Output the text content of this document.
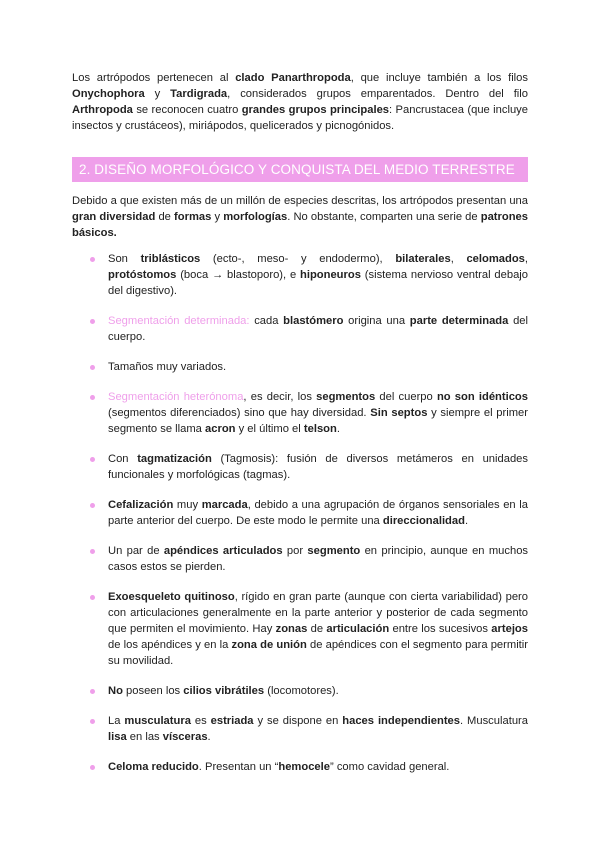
Los artrópodos pertenecen al clado Panarthropoda, que incluye también a los filos Onychophora y Tardigrada, considerados grupos emparentados. Dentro del filo Arthropoda se reconocen cuatro grandes grupos principales: Pancrustacea (que incluye insectos y crustáceos), miriápodos, quelicerados y picnogónidos.

2. DISEÑO MORFOLÓGICO Y CONQUISTA DEL MEDIO TERRESTRE

Debido a que existen más de un millón de especies descritas, los artrópodos presentan una gran diversidad de formas y morfologías. No obstante, comparten una serie de patrones básicos.

Son triblásticos (ecto-, meso- y endodermo), bilaterales, celomados, protóstomos (boca → blastoporo), e hiponeuros (sistema nervioso ventral debajo del digestivo).

Segmentación determinada: cada blastómero origina una parte determinada del cuerpo.

Tamaños muy variados.

Segmentación heterónoma, es decir, los segmentos del cuerpo no son idénticos (segmentos diferenciados) sino que hay diversidad. Sin septos y siempre el primer segmento se llama acron y el último el telson.

Con tagmatización (Tagmosis): fusión de diversos metámeros en unidades funcionales y morfológicas (tagmas).

Cefalización muy marcada, debido a una agrupación de órganos sensoriales en la parte anterior del cuerpo. De este modo le permite una direccionalidad.

Un par de apéndices articulados por segmento en principio, aunque en muchos casos estos se pierden.

Exoesqueleto quitinoso, rígido en gran parte (aunque con cierta variabilidad) pero con articulaciones generalmente en la parte anterior y posterior de cada segmento que permiten el movimiento. Hay zonas de articulación entre los sucesivos artejos de los apéndices y en la zona de unión de apéndices con el segmento para permitir su movilidad.

No poseen los cilios vibrátiles (locomotores).

La musculatura es estriada y se dispone en haces independientes. Musculatura lisa en las vísceras.

Celoma reducido. Presentan un “hemocele” como cavidad general.
